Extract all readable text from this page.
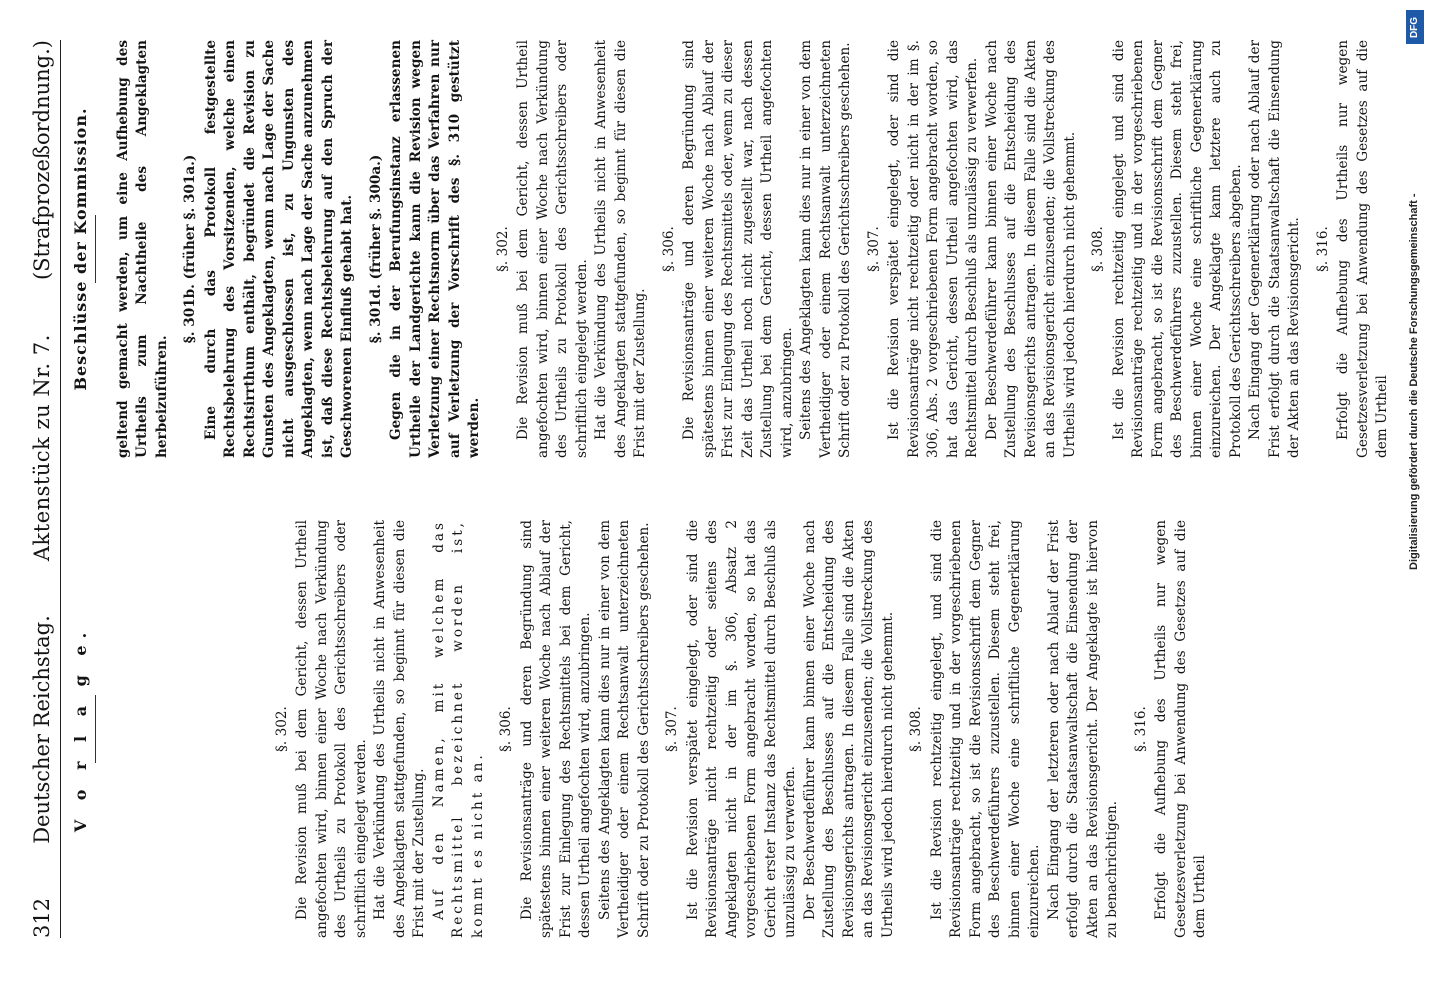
312
Deutscher Reichstag.
Aktenstück zu Nr. 7.
(Strafprozeßordnung.)
V o r l a g e.	§. 302. Die Revision muß bei dem Gericht, dessen Urtheil angefochten wird, binnen einer Woche nach Verkündung des Urtheils zu Protokoll des Gerichtsschreibers oder schriftlich eingelegt werden. Hat die Verkündung des Urtheils nicht in Anwesenheit des Angeklagten stattgefunden, so beginnt für diesen die Frist mit der Zustellung. Auf den Namen, mit welchem das Rechtsmittel bezeichnet worden ist, kommt es nicht an.

§. 306. Die Revisionsanträge und deren Begründung sind spätestens binnen einer weiteren Woche nach Ablauf der Frist zur Einlegung des Rechtsmittels bei dem Gericht, dessen Urtheil angefochten wird, anzubringen. Seitens des Angeklagten kann dies nur in einer von dem Vertheidiger oder einem Rechtsanwalt unterzeichneten Schrift oder zu Protokoll des Gerichtsschreibers geschehen. §. 307. Ist die Revision verspätet eingelegt, oder sind die Revisionsanträge nicht rechtzeitig oder seitens des Angeklagten nicht in der im §. 306, Absatz 2 vorgeschriebenen Form angebracht worden, so hat das Gericht erster Instanz das Rechtsmittel durch Beschluß als unzulässig zu verwerfen. Der Beschwerdeführer kann binnen einer Woche nach Zustellung des Beschlusses auf die Entscheidung des Revisionsgerichts antragen. In diesem Falle sind die Akten an das Revisionsgericht einzusenden; die Vollstreckung des Urtheils wird jedoch hierdurch nicht gehemmt. §. 308. Ist die Revision rechtzeitig eingelegt, und sind die Revisionsanträge rechtzeitig und in der vorgeschriebenen Form angebracht, so ist die Revisionsschrift dem Gegner des Beschwerdeführers zuzustellen. Diesem steht frei, binnen einer Woche eine schriftliche Gegenerklärung einzureichen. Nach Eingang der letzteren oder nach Ablauf der Frist erfolgt durch die Staatsanwaltschaft die Einsendung der Akten an das Revisionsgericht. Der Angeklagte ist hiervon zu benachrichtigen.

§. 316. Erfolgt die Aufhebung des Urtheils nur wegen Gesetzesverletzung bei Anwendung des Gesetzes auf die dem Urtheil

Beschlüsse der Kommission. geltend gemacht werden, um eine Aufhebung des Urtheils zum Nachtheile des Angeklagten herbeizuführen.

§. 301b. (früher §. 301a.) Eine durch das Protokoll festgestellte Rechtsbelehrung des Vorsitzenden, welche einen Rechtsirrthum enthält, begründet die Revision zu Gunsten des Angeklagten, wenn nach Lage der Sache nicht ausgeschlossen ist, zu Ungunsten des Angeklagten, wenn nach Lage der Sache anzunehmen ist, daß diese Rechtsbelehrung auf den Spruch der Geschworenen Einfluß gehabt hat. §. 301d. (früher §. 300a.) Gegen die in der Berufungsinstanz erlassenen Urtheile der Landgerichte kann die Revision wegen Verletzung einer Rechtsnorm über das Verfahren nur auf Verletzung der Vorschrift des §. 310 gestützt werden.

§. 302. Die Revision muß bei dem Gericht, dessen Urtheil angefochten wird, binnen einer Woche nach Verkündung des Urtheils zu Protokoll des Gerichtsschreibers oder schriftlich eingelegt werden. Hat die Verkündung des Urtheils nicht in Anwesenheit des Angeklagten stattgefunden, so beginnt für diesen die Frist mit der Zustellung.

§. 306. Die Revisionsanträge und deren Begründung sind spätestens binnen einer weiteren Woche nach Ablauf der Frist zur Einlegung des Rechtsmittels oder, wenn zu dieser Zeit das Urtheil noch nicht zugestellt war, nach dessen Zustellung bei dem Gericht, dessen Urtheil angefochten wird, anzubringen. Seitens des Angeklagten kann dies nur in einer von dem Vertheidiger oder einem Rechtsanwalt unterzeichneten Schrift oder zu Protokoll des Gerichtsschreibers geschehen. §. 307. Ist die Revision verspätet eingelegt, oder sind die Revisionsanträge nicht rechtzeitig oder nicht in der im §. 306, Abs. 2 vorgeschriebenen Form angebracht worden, so hat das Gericht, dessen Urtheil angefochten wird, das Rechtsmittel durch Beschluß als unzulässig zu verwerfen. Der Beschwerdeführer kann binnen einer Woche nach Zustellung des Beschlusses auf die Entscheidung des Revisionsgerichts antragen. In diesem Falle sind die Akten an das Revisionsgericht einzusenden; die Vollstreckung des Urtheils wird jedoch hierdurch nicht gehemmt. §. 308. Ist die Revision rechtzeitig eingelegt und sind die Revisionsanträge rechtzeitig und in der vorgeschriebenen Form angebracht, so ist die Revisionsschrift dem Gegner des Beschwerdeführers zuzustellen. Diesem steht frei, binnen einer Woche eine schriftliche Gegenerklärung einzureichen. Der Angeklagte kann letztere auch zu Protokoll des Gerichtsschreibers abgeben. Nach Eingang der Gegenerklärung oder nach Ablauf der Frist erfolgt durch die Staatsanwaltschaft die Einsendung der Akten an das Revisionsgericht. §. 316. Erfolgt die Aufhebung des Urtheils nur wegen Gesetzesverletzung bei Anwendung des Gesetzes auf die dem Urtheil

DFG
Digitalisierung gefördert durch die Deutsche Forschungsgemeinschaft -
